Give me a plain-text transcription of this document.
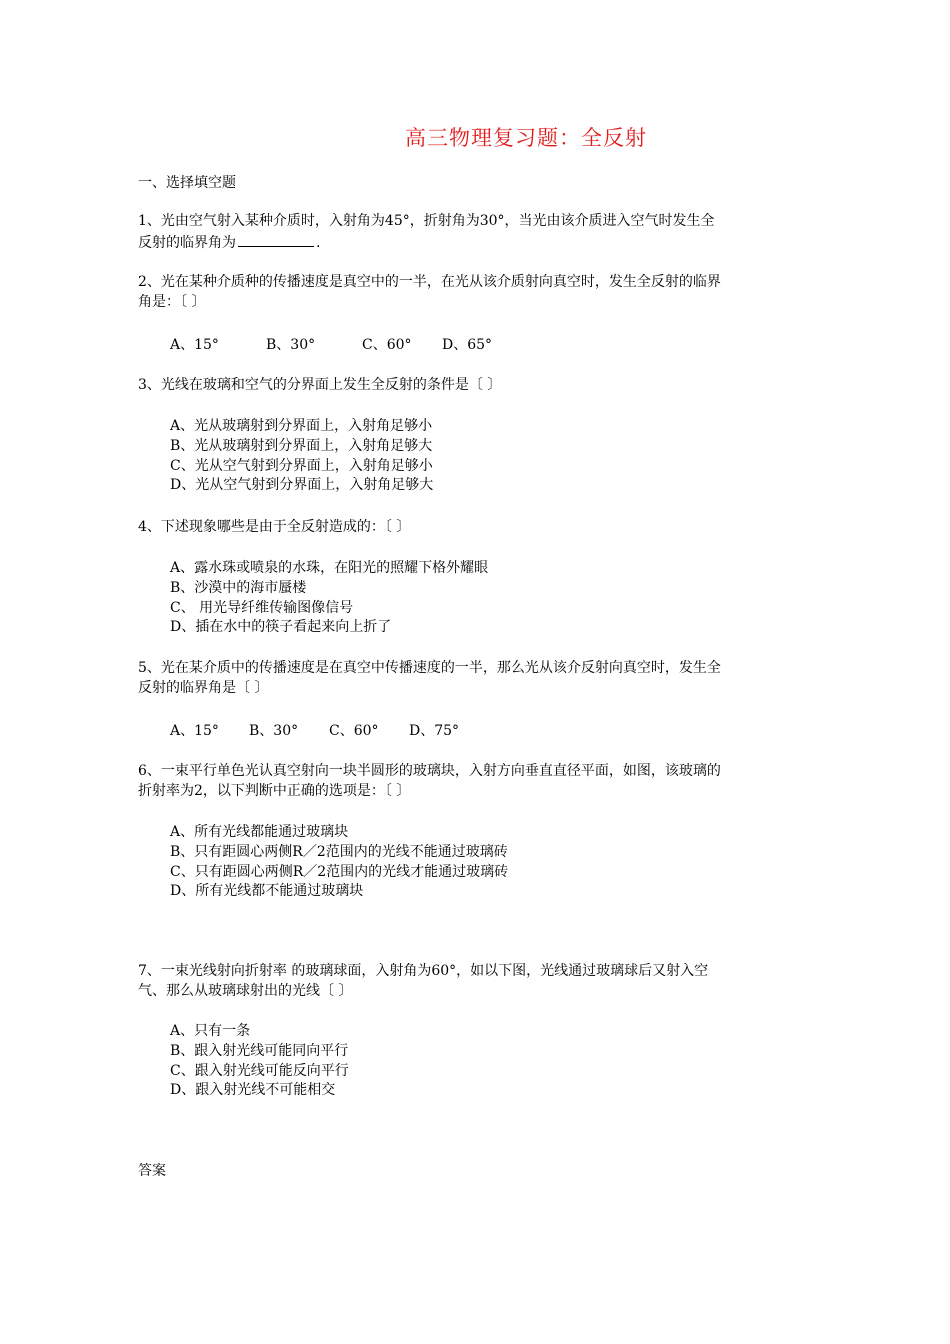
高三物理复习题：全反射
一、选择填空题
1、光由空气射入某种介质时，入射角为45°，折射角为30°，当光由该介质进入空气时发生全
反射的临界角为	.
2、光在某种介质种的传播速度是真空中的一半，在光从该介质射向真空时，发生全反射的临界
角是：〔 〕
A、15°	B、30°	C、60° D、65°
3、光线在玻璃和空气的分界面上发生全反射的条件是〔 〕
A、光从玻璃射到分界面上，入射角足够小
B、光从玻璃射到分界面上，入射角足够大
C、光从空气射到分界面上，入射角足够小
D、光从空气射到分界面上，入射角足够大
4、下述现象哪些是由于全反射造成的：〔 〕
A、露水珠或喷泉的水珠，在阳光的照耀下格外耀眼
B、沙漠中的海市蜃楼
C、 用光导纤维传输图像信号
D、插在水中的筷子看起来向上折了
5、光在某介质中的传播速度是在真空中传播速度的一半，那么光从该介反射向真空时，发生全
反射的临界角是〔 〕
A、15° B、30° C、60° D、75°
6、一束平行单色光认真空射向一块半圆形的玻璃块，入射方向垂直直径平面，如图，该玻璃的
折射率为2，以下判断中正确的选项是：〔 〕
A、所有光线都能通过玻璃块
B、只有距圆心两侧R／2范围内的光线不能通过玻璃砖
C、只有距圆心两侧R／2范围内的光线才能通过玻璃砖
D、所有光线都不能通过玻璃块
7、一束光线射向折射率 的玻璃球面，入射角为60°，如以下图，光线通过玻璃球后又射入空
气、那么从玻璃球射出的光线〔 〕
A、只有一条
B、跟入射光线可能同向平行
C、跟入射光线可能反向平行
D、跟入射光线不可能相交
答案
